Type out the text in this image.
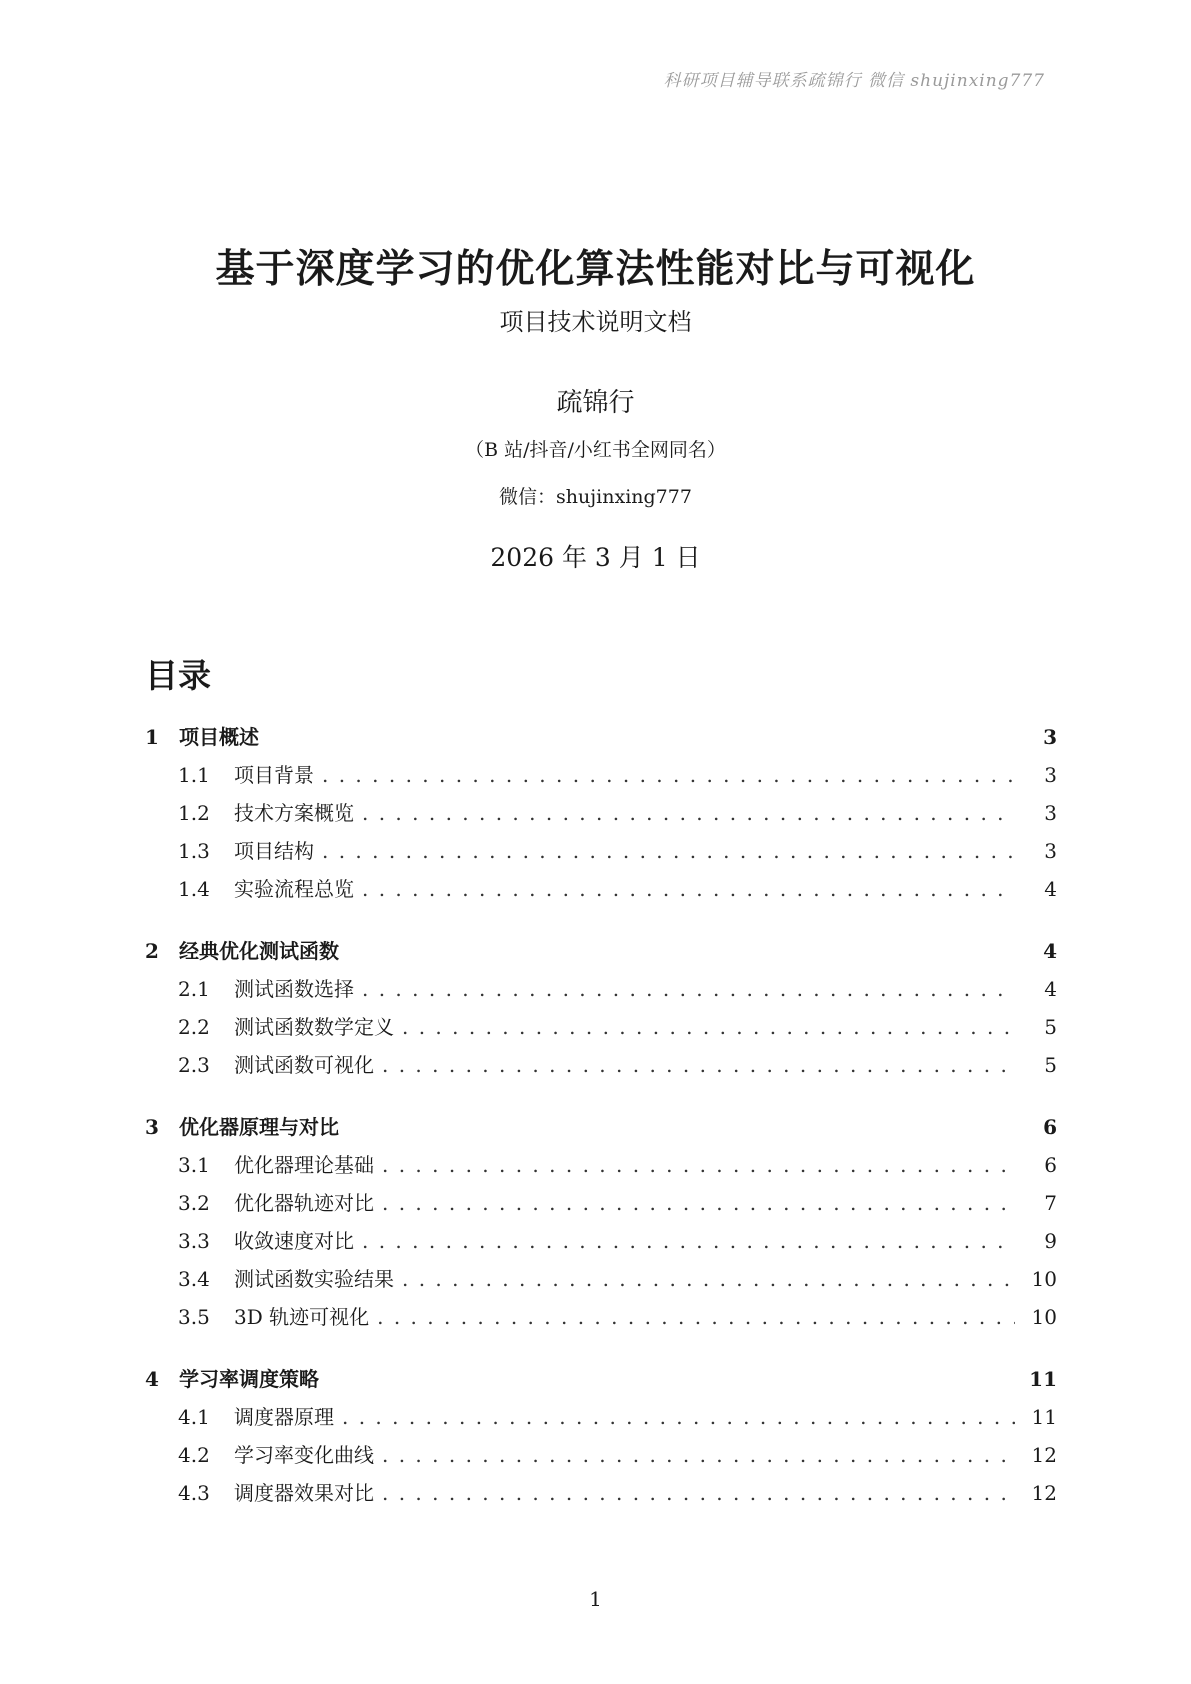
科研项目辅导联系疏锦行 微信 shujinxing777
基于深度学习的优化算法性能对比与可视化
项目技术说明文档
疏锦行
（B 站/抖音/小红书全网同名）
微信：shujinxing777
2026 年 3 月 1 日
目录
1	项目概述	3
1.1	项目背景 . . .	3
1.2	技术方案概览 . . .	3
1.3	项目结构 . . .	3
1.4	实验流程总览 . . .	4
2	经典优化测试函数	4
2.1	测试函数选择 . . .	4
2.2	测试函数数学定义 . . .	5
2.3	测试函数可视化 . . .	5
3	优化器原理与对比	6
3.1	优化器理论基础 . . .	6
3.2	优化器轨迹对比 . . .	7
3.3	收敛速度对比 . . .	9
3.4	测试函数实验结果 . . .	10
3.5	3D 轨迹可视化 . . .	10
4	学习率调度策略	11
4.1	调度器原理 . . .	11
4.2	学习率变化曲线 . . .	12
4.3	调度器效果对比 . . .	12
1
